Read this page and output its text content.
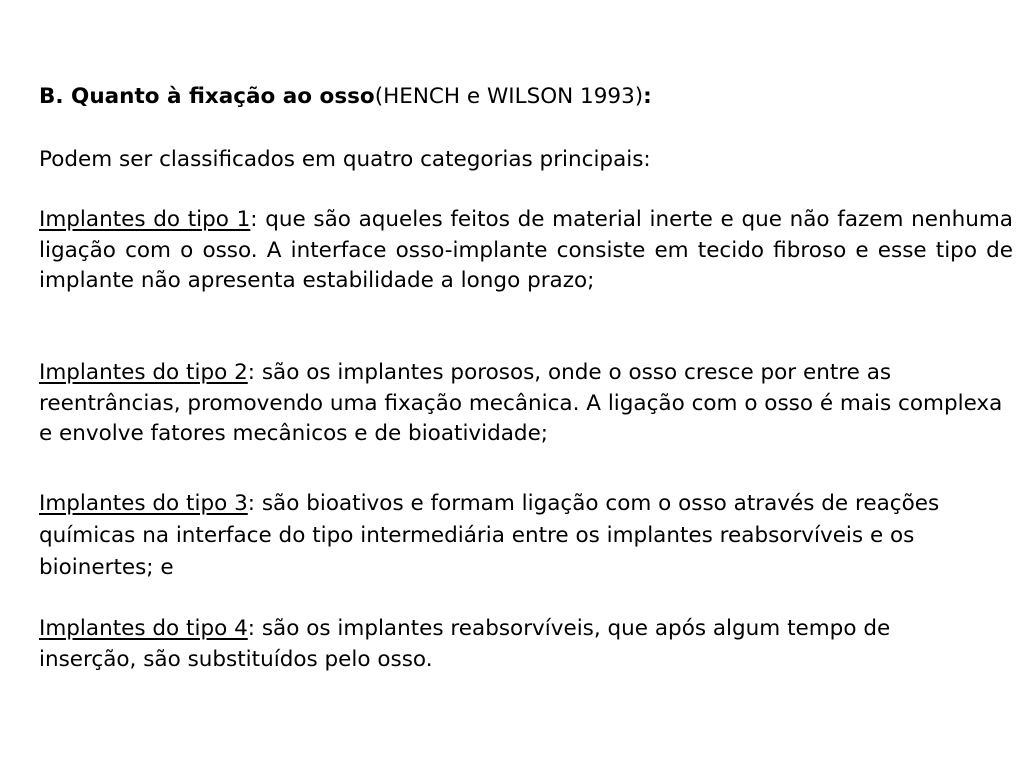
B. Quanto à fixação ao osso(HENCH e WILSON 1993):
Podem ser classificados em quatro categorias principais:
Implantes do tipo 1: que são aqueles feitos de material inerte e que não fazem nenhuma ligação com o osso. A interface osso-implante consiste em tecido fibroso e esse tipo de implante não apresenta estabilidade a longo prazo;
Implantes do tipo 2: são os implantes porosos, onde o osso cresce por entre as reentrâncias, promovendo uma fixação mecânica. A ligação com o osso é mais complexa e envolve fatores mecânicos e de bioatividade;
Implantes do tipo 3: são bioativos e formam ligação com o osso através de reações químicas na interface do tipo intermediária entre os implantes reabsorvíveis e os bioinertes; e
Implantes do tipo 4: são os implantes reabsorvíveis, que após algum tempo de inserção, são substituídos pelo osso.
